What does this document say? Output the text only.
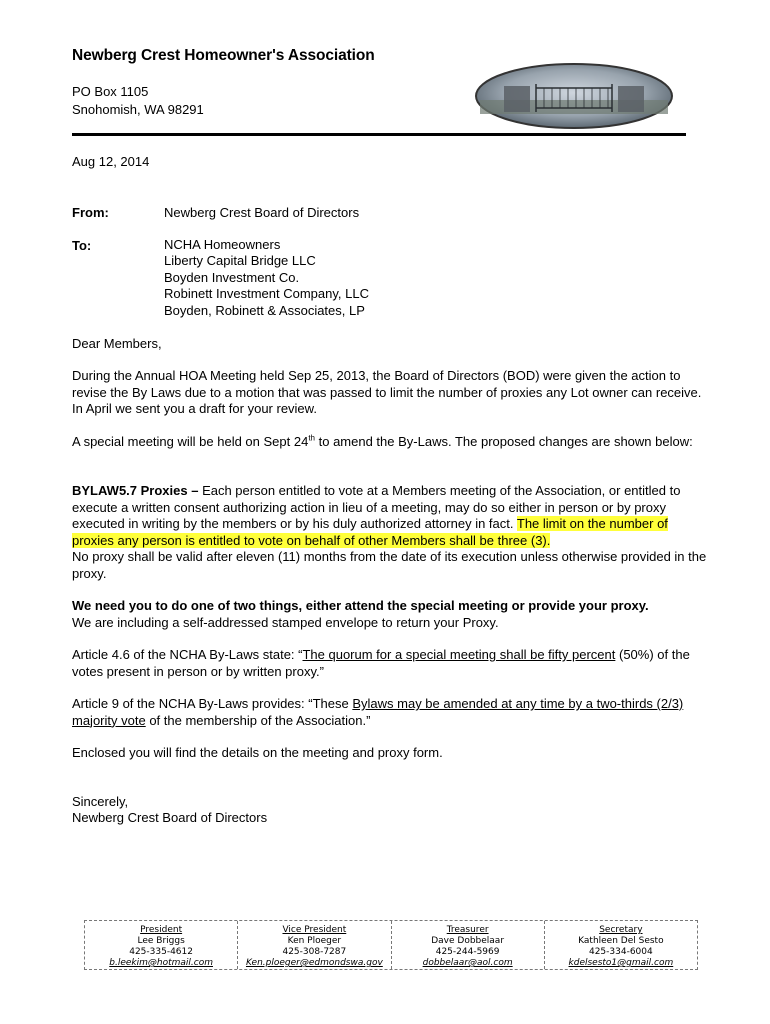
Newberg Crest Homeowner's Association
PO Box 1105
Snohomish, WA 98291
Aug 12, 2014
From:	Newberg Crest Board of Directors
To:	NCHA Homeowners
Liberty Capital Bridge LLC
Boyden Investment Co.
Robinett Investment Company, LLC
Boyden, Robinett & Associates, LP
Dear Members,
During the Annual HOA Meeting held Sep 25, 2013, the Board of Directors (BOD) were given the action to revise the By Laws due to a motion that was passed to limit the number of proxies any Lot owner can receive. In April we sent you a draft for your review.
A special meeting will be held on Sept 24th to amend the By-Laws. The proposed changes are shown below:
BYLAW5.7 Proxies – Each person entitled to vote at a Members meeting of the Association, or entitled to execute a written consent authorizing action in lieu of a meeting, may do so either in person or by proxy executed in writing by the members or by his duly authorized attorney in fact. The limit on the number of proxies any person is entitled to vote on behalf of other Members shall be three (3).
No proxy shall be valid after eleven (11) months from the date of its execution unless otherwise provided in the proxy.
We need you to do one of two things, either attend the special meeting or provide your proxy.
We are including a self-addressed stamped envelope to return your Proxy.
Article 4.6 of the NCHA By-Laws state: “The quorum for a special meeting shall be fifty percent (50%) of the votes present in person or by written proxy.”
Article 9 of the NCHA By-Laws provides: “These Bylaws may be amended at any time by a two-thirds (2/3) majority vote of the membership of the Association.”
Enclosed you will find the details on the meeting and proxy form.
Sincerely,
Newberg Crest Board of Directors
President
Lee Briggs
425-335-4612
b.leekim@hotmail.com
Vice President
Ken Ploeger
425-308-7287
Ken.ploeger@edmondswa.gov
Treasurer
Dave Dobbelaar
425-244-5969
dobbelaar@aol.com
Secretary
Kathleen Del Sesto
425-334-6004
kdelsesto1@gmail.com
